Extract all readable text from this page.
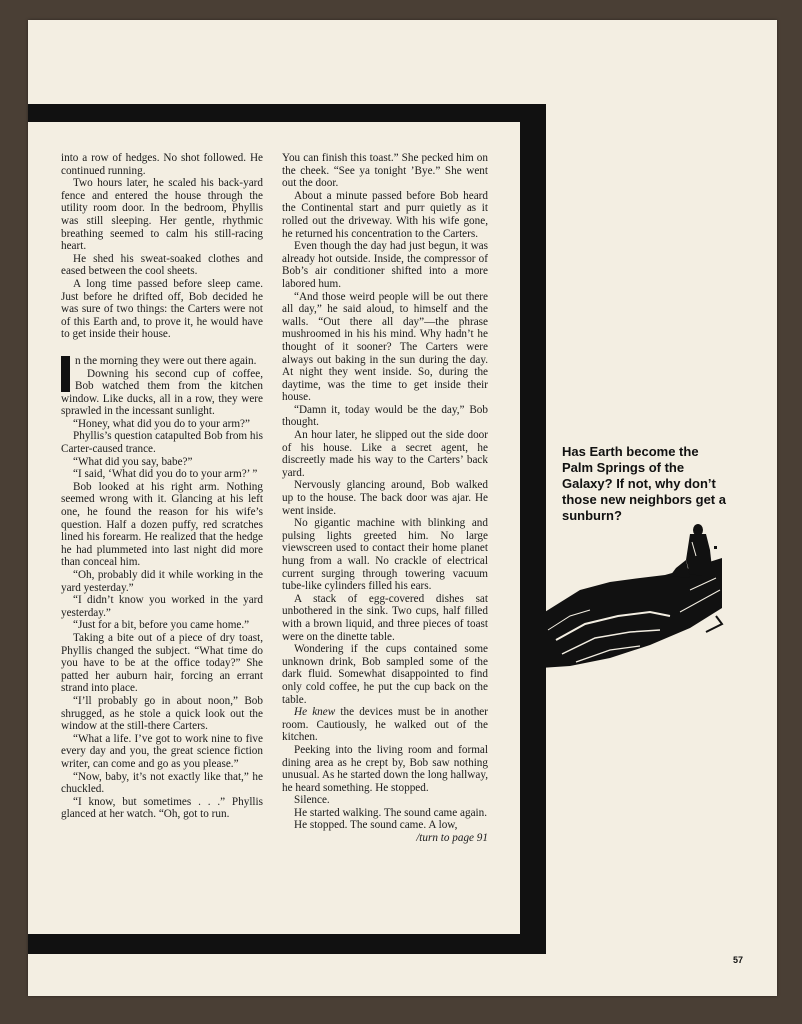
into a row of hedges. No shot followed. He continued running.

Two hours later, he scaled his back-yard fence and entered the house through the utility room door. In the bedroom, Phyllis was still sleeping. Her gentle, rhythmic breathing seemed to calm his still-racing heart.

He shed his sweat-soaked clothes and eased between the cool sheets.

A long time passed before sleep came. Just before he drifted off, Bob decided he was sure of two things: the Carters were not of this Earth and, to prove it, he would have to get inside their house.

n the morning they were out there again.

Downing his second cup of coffee, Bob watched them from the kitchen window. Like ducks, all in a row, they were sprawled in the incessant sunlight.

“Honey, what did you do to your arm?”

Phyllis’s question catapulted Bob from his Carter-caused trance.

“What did you say, babe?”

“I said, ‘What did you do to your arm?’ ”

Bob looked at his right arm. Nothing seemed wrong with it. Glancing at his left one, he found the reason for his wife’s question. Half a dozen puffy, red scratches lined his forearm. He realized that the hedge he had plummeted into last night did more than conceal him.

“Oh, probably did it while working in the yard yesterday.”

“I didn’t know you worked in the yard yesterday.”

“Just for a bit, before you came home.”

Taking a bite out of a piece of dry toast, Phyllis changed the subject. “What time do you have to be at the office today?” She patted her auburn hair, forcing an errant strand into place.

“I’ll probably go in about noon,” Bob shrugged, as he stole a quick look out the window at the still-there Carters.

“What a life. I’ve got to work nine to five every day and you, the great science fiction writer, can come and go as you please.”

“Now, baby, it’s not exactly like that,” he chuckled.

“I know, but sometimes . . .” Phyllis glanced at her watch. “Oh, got to run.

You can finish this toast.” She pecked him on the cheek. “See ya tonight ’Bye.” She went out the door.

About a minute passed before Bob heard the Continental start and purr quietly as it rolled out the driveway. With his wife gone, he returned his concentration to the Carters.

Even though the day had just begun, it was already hot outside. Inside, the compressor of Bob’s air conditioner shifted into a more labored hum.

“And those weird people will be out there all day,” he said aloud, to himself and the walls. “Out there all day”—the phrase mushroomed in his his mind. Why hadn’t he thought of it sooner? The Carters were always out baking in the sun during the day. At night they went inside. So, during the daytime, was the time to get inside their house.

“Damn it, today would be the day,” Bob thought.

An hour later, he slipped out the side door of his house. Like a secret agent, he discreetly made his way to the Carters’ back yard.

Nervously glancing around, Bob walked up to the house. The back door was ajar. He went inside.

No gigantic machine with blinking and pulsing lights greeted him. No large viewscreen used to contact their home planet hung from a wall. No crackle of electrical current surging through towering vacuum tube-like cylinders filled his ears.

A stack of egg-covered dishes sat unbothered in the sink. Two cups, half filled with a brown liquid, and three pieces of toast were on the dinette table.

Wondering if the cups contained some unknown drink, Bob sampled some of the dark fluid. Somewhat disappointed to find only cold coffee, he put the cup back on the table.

He knew the devices must be in another room. Cautiously, he walked out of the kitchen.

Peeking into the living room and formal dining area as he crept by, Bob saw nothing unusual. As he started down the long hallway, he heard something. He stopped.

Silence.

He started walking. The sound came again.

He stopped. The sound came. A low,

/turn to page 91

Has Earth become the Palm Springs of the Galaxy? If not, why don’t those new neighbors get a sunburn?
57
